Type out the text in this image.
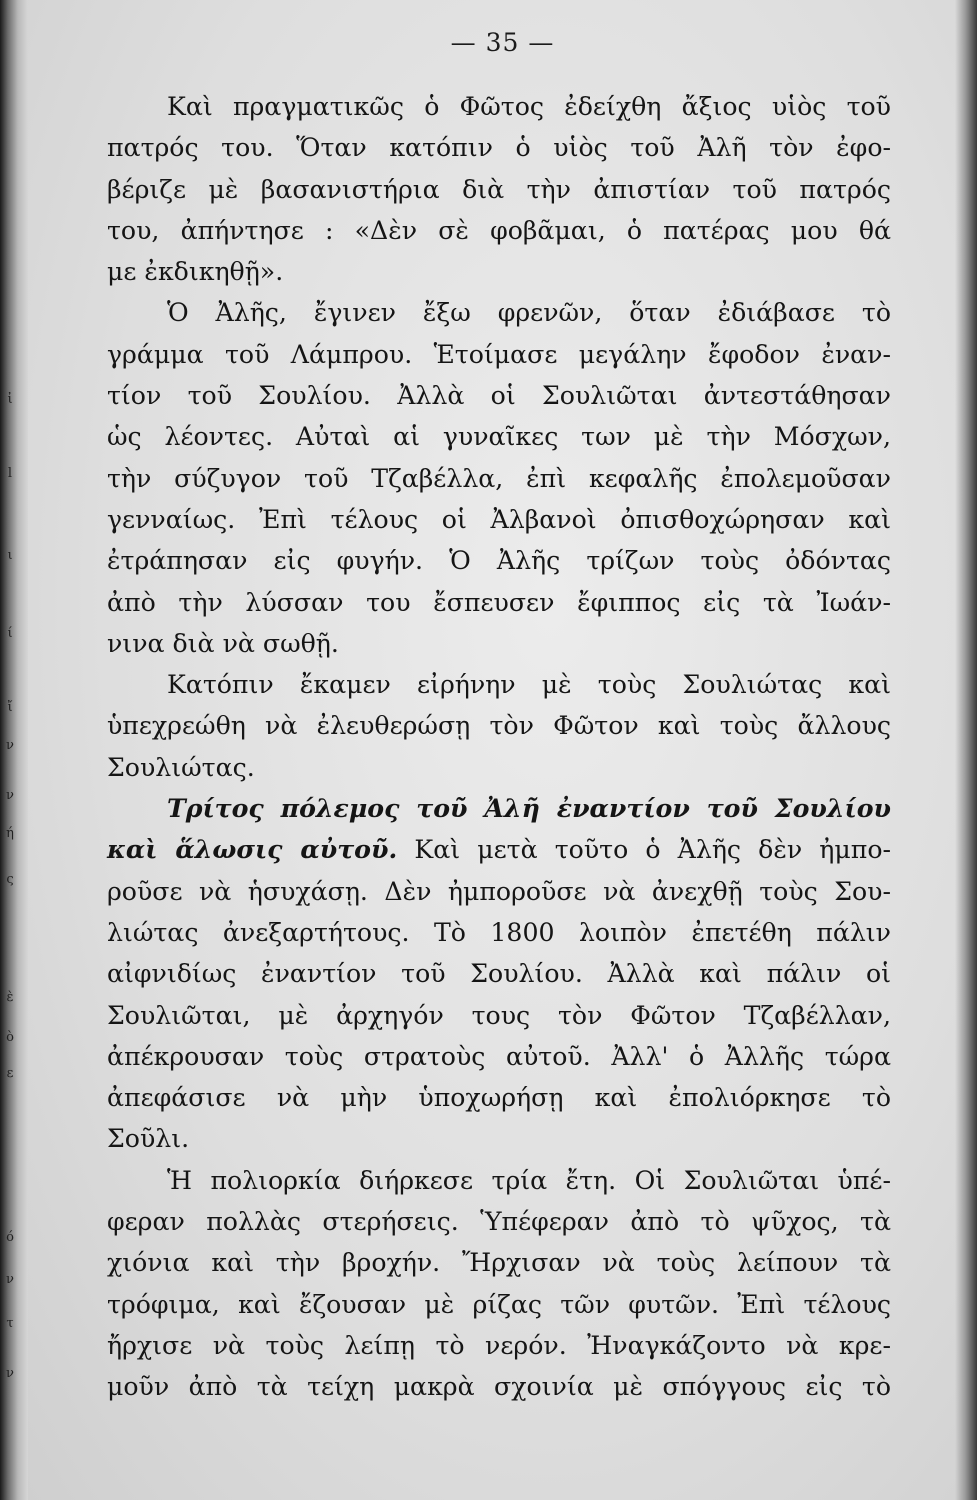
ἰ
l
ι
ί
ἴ
ν
ν
ή
ς
ὲ
ὸ
ε
ό
ν
τ
ν
— 35 —
Καὶ πραγματικῶς ὁ Φῶτος ἐδείχθη ἄξιος υἱὸς τοῦ
πατρός του. Ὅταν κατόπιν ὁ υἱὸς τοῦ Ἀλῆ τὸν ἐφο-
βέριζε μὲ βασανιστήρια διὰ τὴν ἀπιστίαν τοῦ πατρός
του, ἀπήντησε : «Δὲν σὲ φοβᾶμαι, ὁ πατέρας μου θά
με ἐκδικηθῇ».
Ὁ Ἀλῆς, ἔγινεν ἔξω φρενῶν, ὅταν ἐδιάβασε τὸ
γράμμα τοῦ Λάμπρου. Ἑτοίμασε μεγάλην ἔφοδον ἐναν-
τίον τοῦ Σουλίου. Ἀλλὰ οἱ Σουλιῶται ἀντεστάθησαν
ὡς λέοντες. Αὐταὶ αἱ γυναῖκες των μὲ τὴν Μόσχων,
τὴν σύζυγον τοῦ Τζαβέλλα, ἐπὶ κεφαλῆς ἐπολεμοῦσαν
γενναίως. Ἐπὶ τέλους οἱ Ἀλβανοὶ ὀπισθοχώρησαν καὶ
ἐτράπησαν εἰς φυγήν. Ὁ Ἀλῆς τρίζων τοὺς ὀδόντας
ἀπὸ τὴν λύσσαν του ἔσπευσεν ἔφιππος εἰς τὰ Ἰωάν-
νινα διὰ νὰ σωθῇ.
Κατόπιν ἔκαμεν εἰρήνην μὲ τοὺς Σουλιώτας καὶ
ὑπεχρεώθη νὰ ἐλευθερώσῃ τὸν Φῶτον καὶ τοὺς ἄλλους
Σουλιώτας.
Τρίτος πόλεμος τοῦ Ἀλῆ ἐναντίον τοῦ Σουλίου
καὶ ἅλωσις αὐτοῦ. Καὶ μετὰ τοῦτο ὁ Ἀλῆς δὲν ἠμπο-
ροῦσε νὰ ἡσυχάσῃ. Δὲν ἠμποροῦσε νὰ ἀνεχθῇ τοὺς Σου-
λιώτας ἀνεξαρτήτους. Τὸ 1800 λοιπὸν ἐπετέθη πάλιν
αἰφνιδίως ἐναντίον τοῦ Σουλίου. Ἀλλὰ καὶ πάλιν οἱ
Σουλιῶται, μὲ ἀρχηγόν τους τὸν Φῶτον Τζαβέλλαν,
ἀπέκρουσαν τοὺς στρατοὺς αὐτοῦ. Ἀλλ' ὁ Ἀλλῆς τώρα
ἀπεφάσισε νὰ μὴν ὑποχωρήσῃ καὶ ἐπολιόρκησε τὸ
Σοῦλι.
Ἡ πολιορκία διήρκεσε τρία ἔτη. Οἱ Σουλιῶται ὑπέ-
φεραν πολλὰς στερήσεις. Ὑπέφεραν ἀπὸ τὸ ψῦχος, τὰ
χιόνια καὶ τὴν βροχήν. Ἤρχισαν νὰ τοὺς λείπουν τὰ
τρόφιμα, καὶ ἔζουσαν μὲ ρίζας τῶν φυτῶν. Ἐπὶ τέλους
ἤρχισε νὰ τοὺς λείπῃ τὸ νερόν. Ἠναγκάζοντο νὰ κρε-
μοῦν ἀπὸ τὰ τείχη μακρὰ σχοινία μὲ σπόγγους εἰς τὸ
